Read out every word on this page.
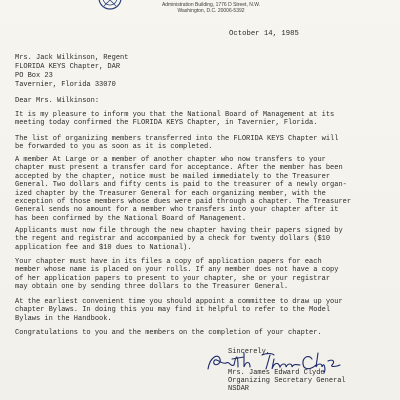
Administration Building, 1776 D Street, N.W.
Washington, D.C. 20006-5392
October 14, 1985
Mrs. Jack Wilkinson, Regent
FLORIDA KEYS Chapter, DAR
PO Box 23
Tavernier, Florida 33070
Dear Mrs. Wilkinson:
It is my pleasure to inform you that the National Board of Management at its
meeting today confirmed the FLORIDA KEYS Chapter, in Tavernier, Florida.
The list of organizing members transferred into the FLORIDA KEYS Chapter will
be forwarded to you as soon as it is completed.
A member At Large or a member of another chapter who now transfers to your
chapter must present a transfer card for acceptance. After the member has been
accepted by the chapter, notice must be mailed immediately to the Treasurer
General. Two dollars and fifty cents is paid to the treasurer of a newly organ-
ized chapter by the Treasurer General for each organizing member, with the
exception of those members whose dues were paid through a chapter. The Treasurer
General sends no amount for a member who transfers into your chapter after it
has been confirmed by the National Board of Management.
Applicants must now file through the new chapter having their papers signed by
the regent and registrar and accompanied by a check for twenty dollars ($10
application fee and $10 dues to National).
Your chapter must have in its files a copy of application papers for each
member whose name is placed on your rolls. If any member does not have a copy
of her application papers to present to your chapter, she or your registrar
may obtain one by sending three dollars to the Treasurer General.
At the earliest convenient time you should appoint a committee to draw up your
chapter Bylaws. In doing this you may find it helpful to refer to the Model
Bylaws in the Handbook.
Congratulations to you and the members on the completion of your chapter.
Sincerely,
Mrs. James Edward Clyde
Organizing Secretary General
NSDAR
